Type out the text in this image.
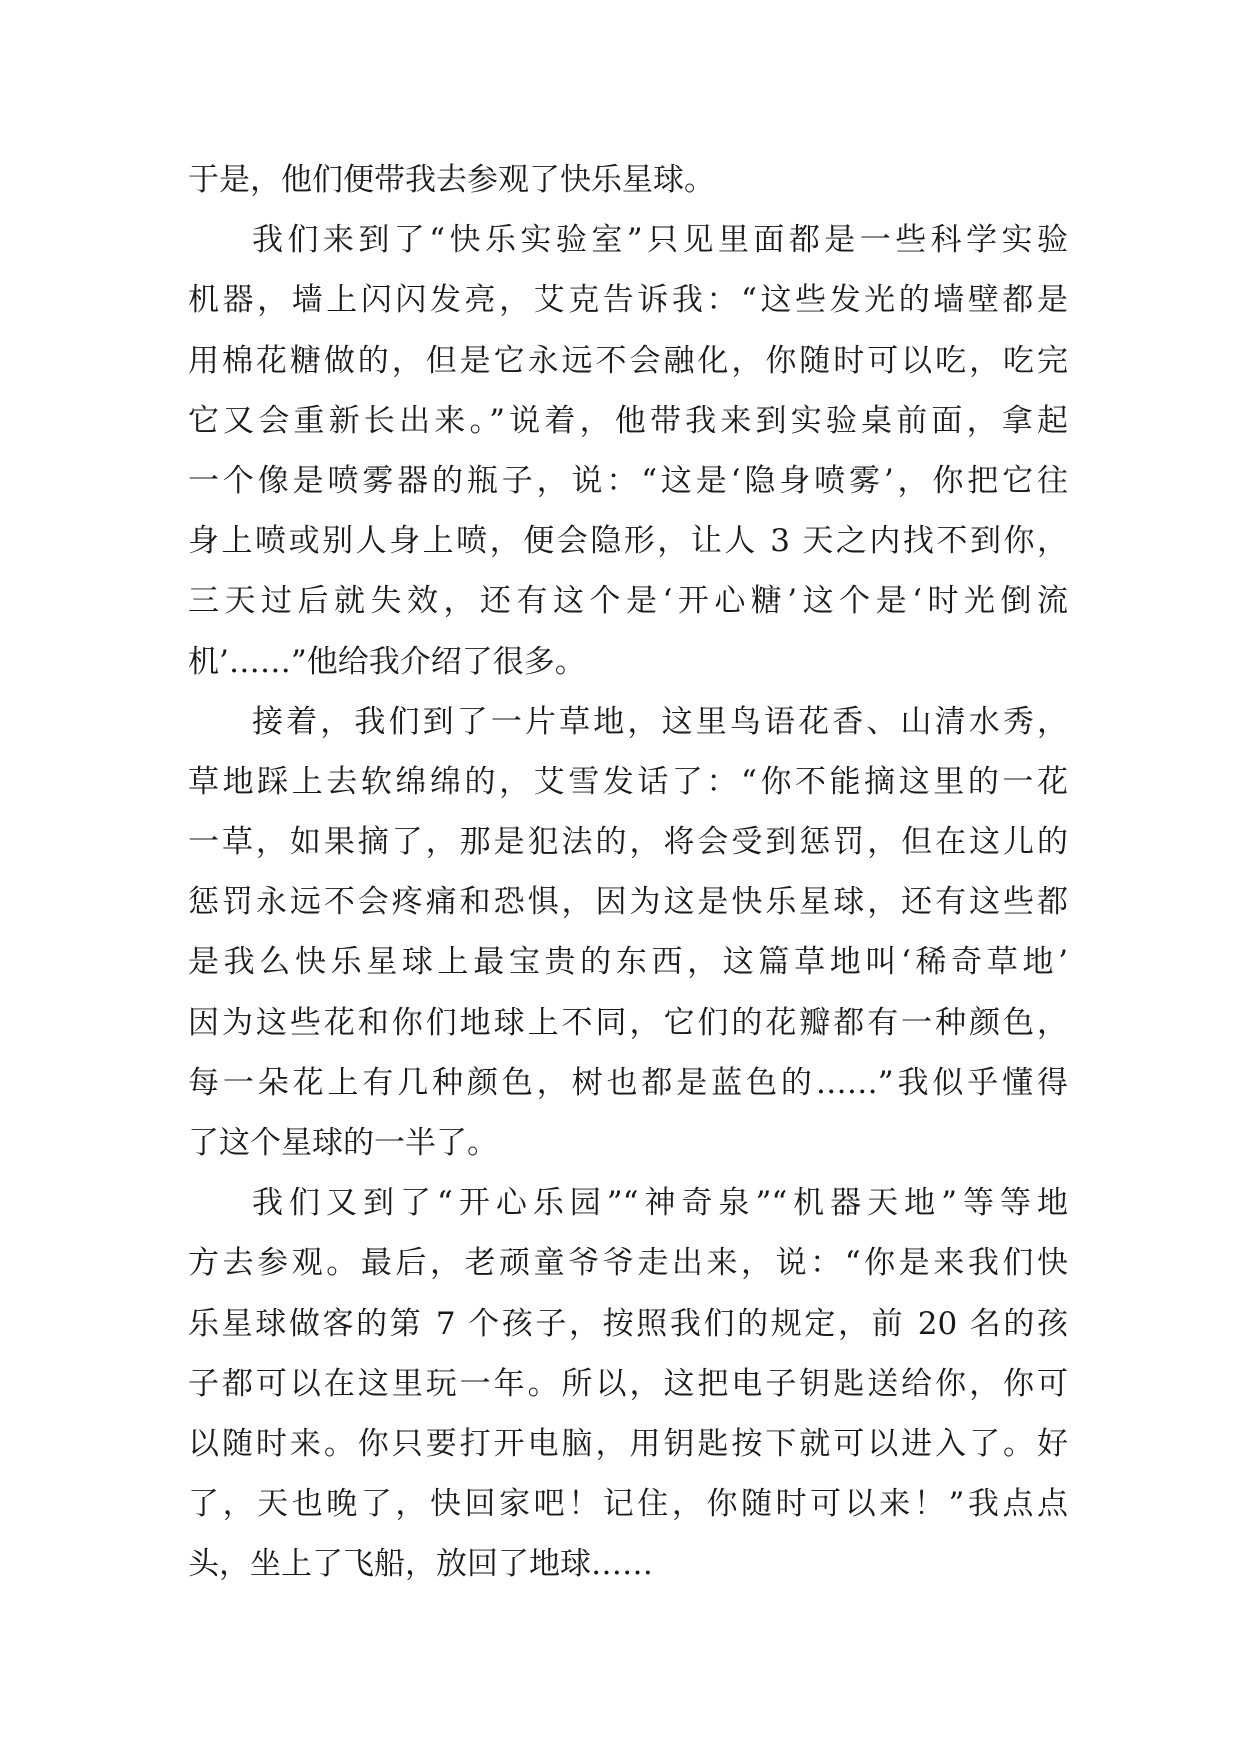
于是，他们便带我去参观了快乐星球。
我们来到了“快乐实验室”只见里面都是一些科学实验
机器，墙上闪闪发亮，艾克告诉我：“这些发光的墙壁都是
用棉花糖做的，但是它永远不会融化，你随时可以吃，吃完
它又会重新长出来。”说着，他带我来到实验桌前面，拿起
一个像是喷雾器的瓶子，说：“这是‘隐身喷雾’，你把它往
身上喷或别人身上喷，便会隐形，让人 3 天之内找不到你，
三天过后就失效，还有这个是‘开心糖’这个是‘时光倒流
机’……”他给我介绍了很多。
接着，我们到了一片草地，这里鸟语花香、山清水秀，
草地踩上去软绵绵的，艾雪发话了：“你不能摘这里的一花
一草，如果摘了，那是犯法的，将会受到惩罚，但在这儿的
惩罚永远不会疼痛和恐惧，因为这是快乐星球，还有这些都
是我么快乐星球上最宝贵的东西，这篇草地叫‘稀奇草地’
因为这些花和你们地球上不同，它们的花瓣都有一种颜色，
每一朵花上有几种颜色，树也都是蓝色的……”我似乎懂得
了这个星球的一半了。
我们又到了“开心乐园”“神奇泉”“机器天地”等等地
方去参观。最后，老顽童爷爷走出来，说：“你是来我们快
乐星球做客的第 7 个孩子，按照我们的规定，前 20 名的孩
子都可以在这里玩一年。所以，这把电子钥匙送给你，你可
以随时来。你只要打开电脑，用钥匙按下就可以进入了。好
了，天也晚了，快回家吧！记住，你随时可以来！”我点点
头，坐上了飞船，放回了地球……
